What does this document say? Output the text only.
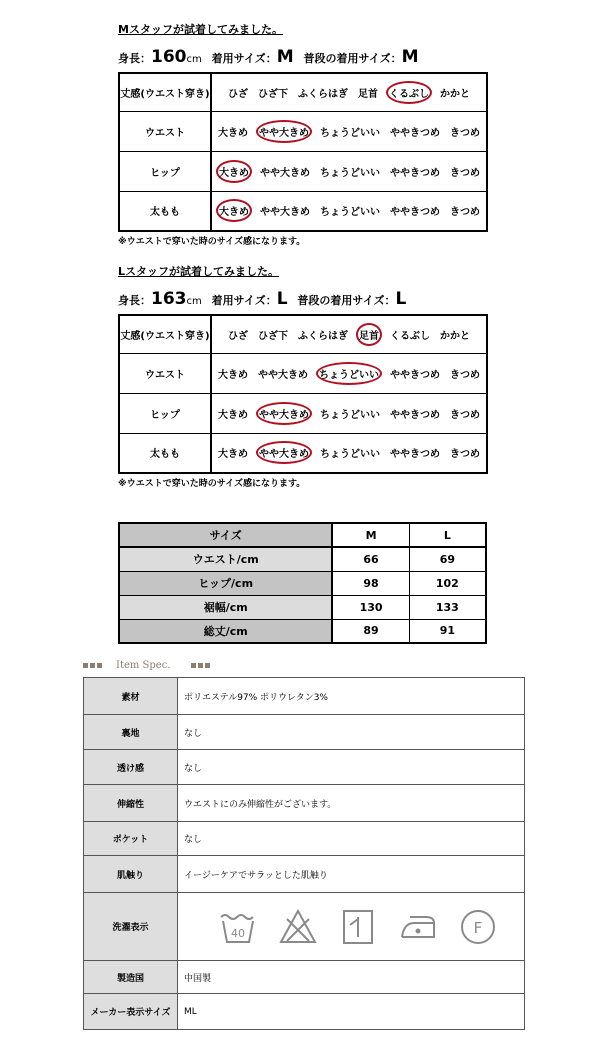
Mスタッフが試着してみました。
身長：160cm 着用サイズ：M 普段の着用サイズ：M
丈感(ウエスト穿き)	ひざ ひざ下 ふくらはぎ 足首 くるぶし かかと
ウエスト	大きめ やや大きめ ちょうどいい ややきつめ きつめ
ヒップ	大きめ やや大きめ ちょうどいい ややきつめ きつめ
太もも	大きめ やや大きめ ちょうどいい ややきつめ きつめ
※ウエストで穿いた時のサイズ感になります。
Lスタッフが試着してみました。
身長：163cm 着用サイズ：L 普段の着用サイズ：L
丈感(ウエスト穿き)	ひざ ひざ下 ふくらはぎ 足首 くるぶし かかと
ウエスト	大きめ やや大きめ ちょうどいい ややきつめ きつめ
ヒップ	大きめ やや大きめ ちょうどいい ややきつめ きつめ
太もも	大きめ やや大きめ ちょうどいい ややきつめ きつめ
※ウエストで穿いた時のサイズ感になります。
サイズ	M	L
ウエスト/cm	66	69
ヒップ/cm	98	102
裾幅/cm	130	133
総丈/cm	89	91
Item Spec.
素材	ポリエステル97% ポリウレタン3%
裏地	なし
透け感	なし
伸縮性	ウエストにのみ伸縮性がございます。
ポケット	なし
肌触り	イージーケアでサラッとした肌触り
洗濯表示	40 F

製造国	中国製
メーカー表示サイズ	ML
